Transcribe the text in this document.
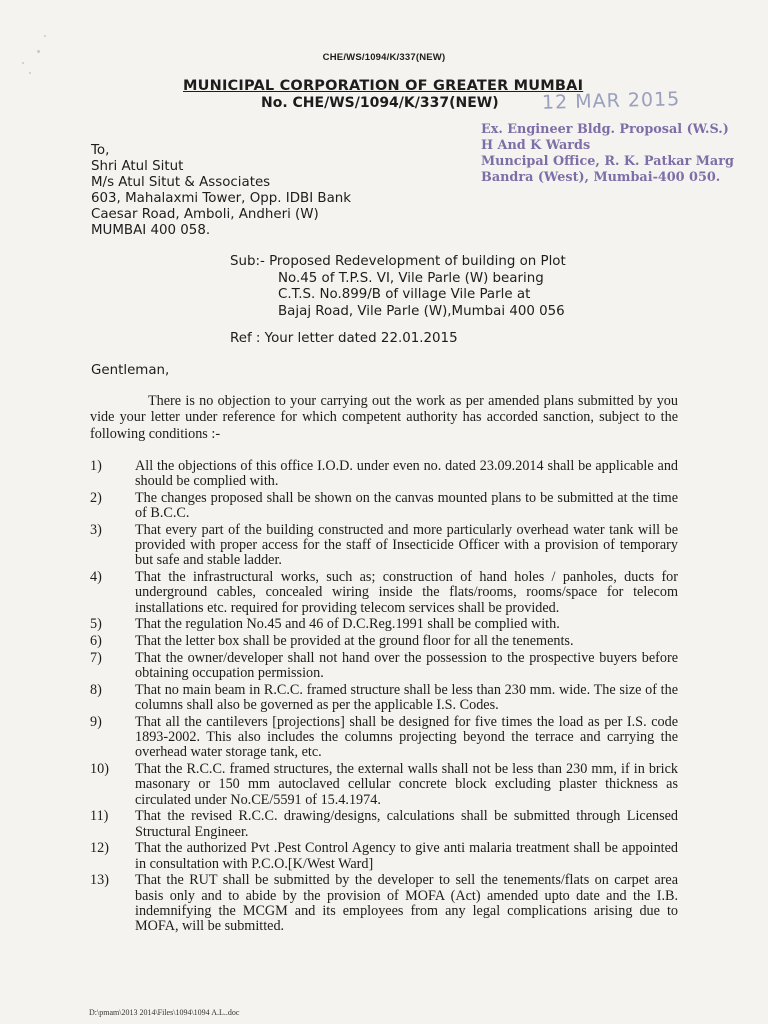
CHE/WS/1094/K/337(NEW)
MUNICIPAL CORPORATION OF GREATER MUMBAI
No. CHE/WS/1094/K/337(NEW) 12 MAR 2015
Ex. Engineer Bldg. Proposal (W.S.)
H And K Wards
Muncipal Office, R. K. Patkar Marg
Bandra (West), Mumbai-400 050.
To,
Shri Atul Situt
M/s Atul Situt & Associates
603, Mahalaxmi Tower, Opp. IDBI Bank
Caesar Road, Amboli, Andheri (W)
MUMBAI 400 058.
Sub:- Proposed Redevelopment of building on Plot
No.45 of T.P.S. VI, Vile Parle (W) bearing
C.T.S. No.899/B of village Vile Parle at
Bajaj Road, Vile Parle (W),Mumbai 400 056
Ref : Your letter dated 22.01.2015
Gentleman,
There is no objection to your carrying out the work as per amended plans submitted by you vide your letter under reference for which competent authority has accorded sanction, subject to the following conditions :-
1) All the objections of this office I.O.D. under even no. dated 23.09.2014 shall be applicable and should be complied with.
2) The changes proposed shall be shown on the canvas mounted plans to be submitted at the time of B.C.C.
3) That every part of the building constructed and more particularly overhead water tank will be provided with proper access for the staff of Insecticide Officer with a provision of temporary but safe and stable ladder.
4) That the infrastructural works, such as; construction of hand holes / panholes, ducts for underground cables, concealed wiring inside the flats/rooms, rooms/space for telecom installations etc. required for providing telecom services shall be provided.
5) That the regulation No.45 and 46 of D.C.Reg.1991 shall be complied with.
6) That the letter box shall be provided at the ground floor for all the tenements.
7) That the owner/developer shall not hand over the possession to the prospective buyers before obtaining occupation permission.
8) That no main beam in R.C.C. framed structure shall be less than 230 mm. wide. The size of the columns shall also be governed as per the applicable I.S. Codes.
9) That all the cantilevers [projections] shall be designed for five times the load as per I.S. code 1893-2002. This also includes the columns projecting beyond the terrace and carrying the overhead water storage tank, etc.
10) That the R.C.C. framed structures, the external walls shall not be less than 230 mm, if in brick masonary or 150 mm autoclaved cellular concrete block excluding plaster thickness as circulated under No.CE/5591 of 15.4.1974.
11) That the revised R.C.C. drawing/designs, calculations shall be submitted through Licensed Structural Engineer.
12) That the authorized Pvt .Pest Control Agency to give anti malaria treatment shall be appointed in consultation with P.C.O.[K/West Ward]
13) That the RUT shall be submitted by the developer to sell the tenements/flats on carpet area basis only and to abide by the provision of MOFA (Act) amended upto date and the I.B. indemnifying the MCGM and its employees from any legal complications arising due to MOFA, will be submitted.
D:\pmam\2013 2014\Files\1094\1094 A.L..doc
